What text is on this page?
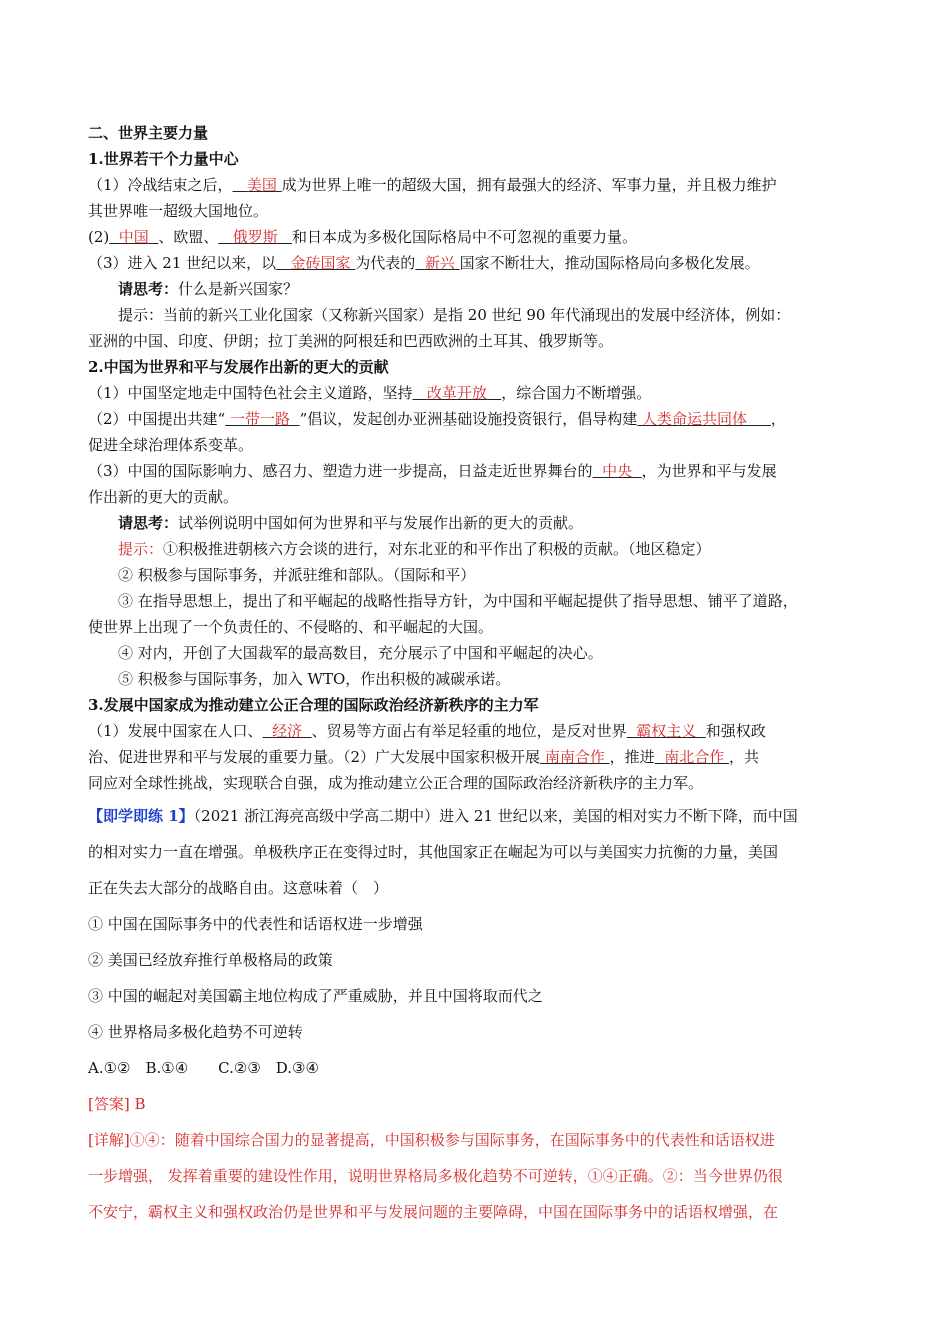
二、世界主要力量
1.世界若干个力量中心
（1）冷战结束之后， 美国 成为世界上唯一的超级大国，拥有最强大的经济、军事力量，并且极力维护
其世界唯一超级大国地位。
(2) 中国 、欧盟、 俄罗斯 和日本成为多极化国际格局中不可忽视的重要力量。
（3）进入 21 世纪以来，以 金砖国家 为代表的 新兴 国家不断壮大，推动国际格局向多极化发展。
请思考：什么是新兴国家？
提示：当前的新兴工业化国家（又称新兴国家）是指 20 世纪 90 年代涌现出的发展中经济体，例如：
亚洲的中国、印度、伊朗；拉丁美洲的阿根廷和巴西欧洲的土耳其、俄罗斯等。
2.中国为世界和平与发展作出新的更大的贡献
（1）中国坚定地走中国特色社会主义道路，坚持 改革开放 ，综合国力不断增强。
（2）中国提出共建“ 一带一路 ”倡议，发起创办亚洲基础设施投资银行，倡导构建 人类命运共同体 ，
促进全球治理体系变革。
（3）中国的国际影响力、感召力、塑造力进一步提高，日益走近世界舞台的 中央 ，为世界和平与发展
作出新的更大的贡献。
请思考：试举例说明中国如何为世界和平与发展作出新的更大的贡献。
提示：①积极推进朝核六方会谈的进行，对东北亚的和平作出了积极的贡献。（地区稳定）
② 积极参与国际事务，并派驻维和部队。（国际和平）
③ 在指导思想上，提出了和平崛起的战略性指导方针，为中国和平崛起提供了指导思想、铺平了道路，
使世界上出现了一个负责任的、不侵略的、和平崛起的大国。
④ 对内，开创了大国裁军的最高数目，充分展示了中国和平崛起的决心。
⑤ 积极参与国际事务，加入 WTO，作出积极的减碳承诺。
3.发展中国家成为推动建立公正合理的国际政治经济新秩序的主力军
（1）发展中国家在人口、 经济 、贸易等方面占有举足轻重的地位，是反对世界 霸权主义 和强权政
治、促进世界和平与发展的重要力量。（2）广大发展中国家积极开展 南南合作 ，推进 南北合作 ，共
同应对全球性挑战，实现联合自强，成为推动建立公正合理的国际政治经济新秩序的主力军。
【即学即练 1】（2021 浙江海亮高级中学高二期中）进入 21 世纪以来，美国的相对实力不断下降，而中国
的相对实力一直在增强。单极秩序正在变得过时，其他国家正在崛起为可以与美国实力抗衡的力量，美国
正在失去大部分的战略自由。这意味着（　）
① 中国在国际事务中的代表性和话语权进一步增强
② 美国已经放弃推行单极格局的政策
③ 中国的崛起对美国霸主地位构成了严重威胁，并且中国将取而代之
④ 世界格局多极化趋势不可逆转
A.①②　B.①④　　C.②③　D.③④
[答案] B
[详解]①④：随着中国综合国力的显著提高，中国积极参与国际事务，在国际事务中的代表性和话语权进
一步增强， 发挥着重要的建设性作用，说明世界格局多极化趋势不可逆转，①④正确。②：当今世界仍很
不安宁，霸权主义和强权政治仍是世界和平与发展问题的主要障碍，中国在国际事务中的话语权增强，在
